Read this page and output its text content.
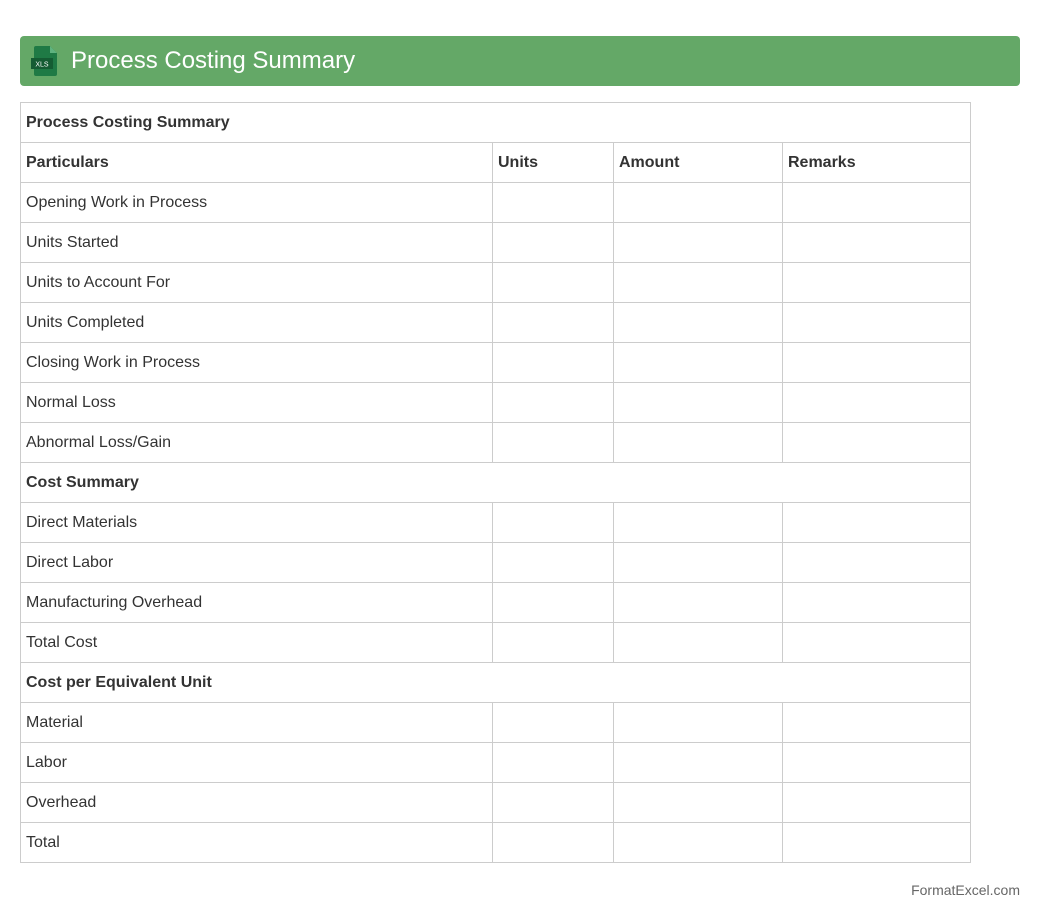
XLS Process Costing Summary
Process Costing Summary			
Particulars	Units	Amount	Remarks
Opening Work in Process			
Units Started			
Units to Account For			
Units Completed			
Closing Work in Process			
Normal Loss			
Abnormal Loss/Gain			
Cost Summary			
Direct Materials			
Direct Labor			
Manufacturing Overhead			
Total Cost			
Cost per Equivalent Unit			
Material			
Labor			
Overhead			
Total			
FormatExcel.com
